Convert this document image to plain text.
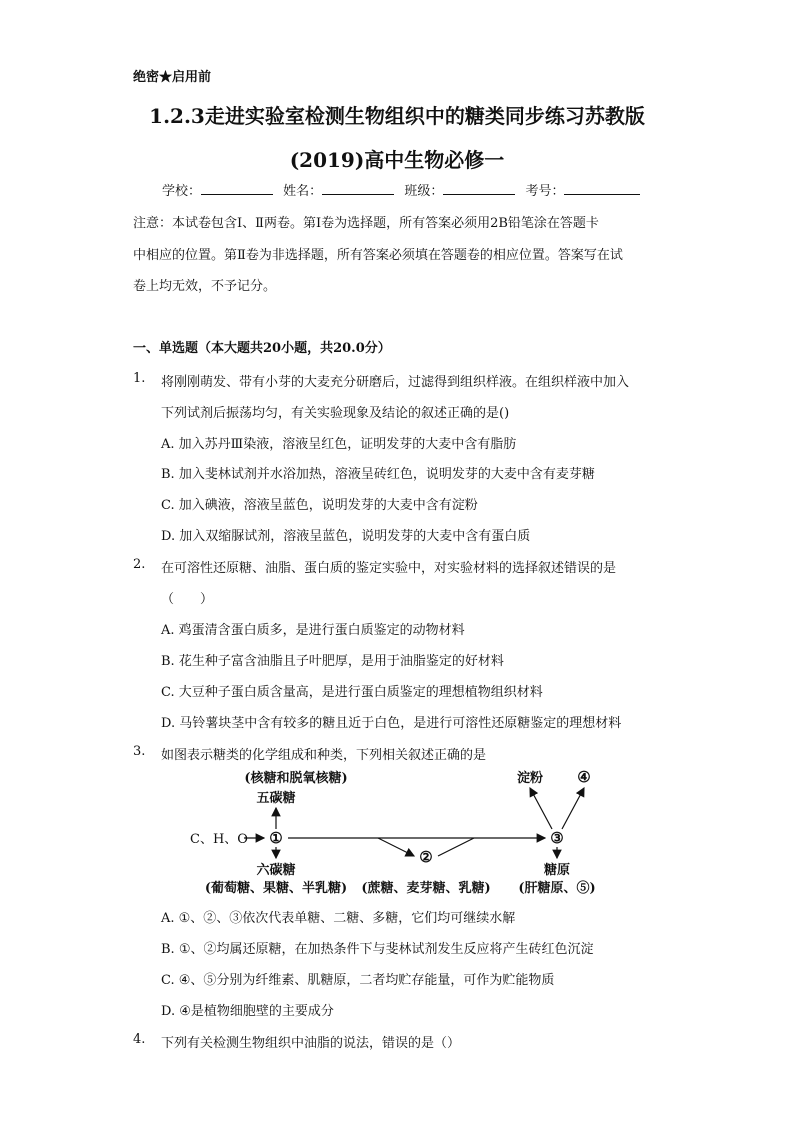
绝密★启用前
1.2.3走进实验室检测生物组织中的糖类同步练习苏教版
(2019)高中生物必修一
学校：	姓名：	班级：	考号：
注意：本试卷包含Ⅰ、Ⅱ两卷。第Ⅰ卷为选择题，所有答案必须用2B铅笔涂在答题卡
中相应的位置。第Ⅱ卷为非选择题，所有答案必须填在答题卷的相应位置。答案写在试
卷上均无效，不予记分。
一、单选题（本大题共20小题，共20.0分）
1. 将刚刚萌发、带有小芽的大麦充分研磨后，过滤得到组织样液。在组织样液中加入
下列试剂后振荡均匀，有关实验现象及结论的叙述正确的是()
A. 加入苏丹Ⅲ染液，溶液呈红色，证明发芽的大麦中含有脂肪
B. 加入斐林试剂并水浴加热，溶液呈砖红色，说明发芽的大麦中含有麦芽糖
C. 加入碘液，溶液呈蓝色，说明发芽的大麦中含有淀粉
D. 加入双缩脲试剂，溶液呈蓝色，说明发芽的大麦中含有蛋白质
2. 在可溶性还原糖、油脂、蛋白质的鉴定实验中，对实验材料的选择叙述错误的是
（　　）
A. 鸡蛋清含蛋白质多，是进行蛋白质鉴定的动物材料
B. 花生种子富含油脂且子叶肥厚，是用于油脂鉴定的好材料
C. 大豆种子蛋白质含量高，是进行蛋白质鉴定的理想植物组织材料
D. 马铃薯块茎中含有较多的糖且近于白色，是进行可溶性还原糖鉴定的理想材料
3. 如图表示糖类的化学组成和种类，下列相关叙述正确的是
(核糖和脱氧核糖)
五碳糖
淀粉 ④
C、H、O ①
②
③
六碳糖	糖原
(葡萄糖、果糖、半乳糖) (蔗糖、麦芽糖、乳糖) (肝糖原、⑤)
A. ①、②、③依次代表单糖、二糖、多糖，它们均可继续水解
B. ①、②均属还原糖，在加热条件下与斐林试剂发生反应将产生砖红色沉淀
C. ④、⑤分别为纤维素、肌糖原，二者均贮存能量，可作为贮能物质
D. ④是植物细胞壁的主要成分
4. 下列有关检测生物组织中油脂的说法，错误的是（）
